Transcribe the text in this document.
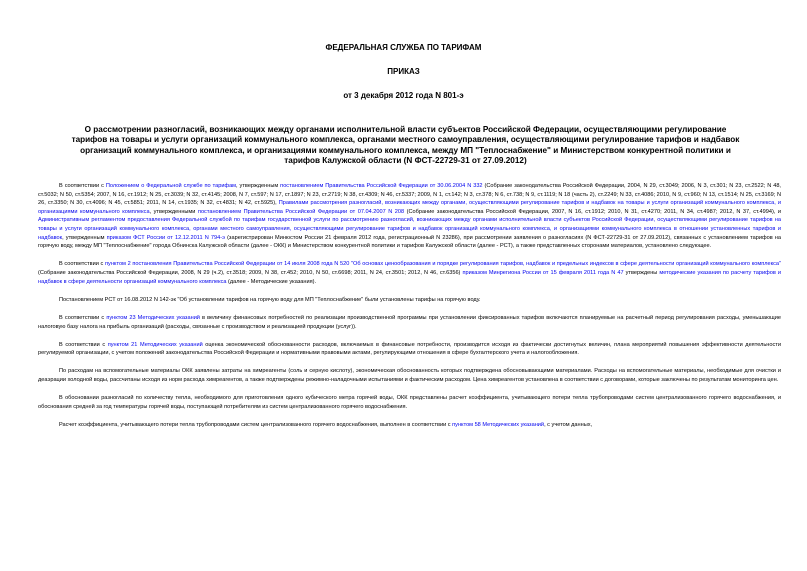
ФЕДЕРАЛЬНАЯ СЛУЖБА ПО ТАРИФАМ
ПРИКАЗ
от 3 декабря 2012 года N 801-э
О рассмотрении разногласий, возникающих между органами исполнительной власти субъектов Российской Федерации, осуществляющими регулирование тарифов на товары и услуги организаций коммунального комплекса, органами местного самоуправления, осуществляющими регулирование тарифов и надбавок организаций коммунального комплекса, и организациями коммунального комплекса, между МП "Теплоснабжение" и Министерством конкурентной политики и тарифов Калужской области (N ФСТ-22729-31 от 27.09.2012)

В соответствии с Положением о Федеральной службе по тарифам, утвержденным постановлением Правительства Российской Федерации от 30.06.2004 N 332 (Собрание законодательства Российской Федерации, 2004, N 29, ст.3049; 2006, N 3, ст.301; N 23, ст.2522; N 48, ст.5032; N 50, ст.5354; 2007, N 16, ст.1912; N 25, ст.3039; N 32, ст.4145; 2008, N 7, ст.597; N 17, ст.1897; N 23, ст.2719; N 38, ст.4309; N 46, ст.5337; 2009, N 1, ст.142; N 3, ст.378; N 6, ст.738; N 9, ст.1119; N 18 (часть 2), ст.2249; N 33, ст.4086; 2010, N 9, ст.960; N 13, ст.1514; N 25, ст.3169; N 26, ст.3350; N 30, ст.4096; N 45, ст.5851; 2011, N 14, ст.1935; N 32, ст.4831; N 42, ст.5925), Правилами рассмотрения разногласий, возникающих между органами, осуществляющими регулирование тарифов и надбавок на товары и услуги организаций коммунального комплекса, и организациями коммунального комплекса, утвержденными постановлением Правительства Российской Федерации от 07.04.2007 N 208 (Собрание законодательства Российской Федерации, 2007, N 16, ст.1912; 2010, N 31, ст.4270; 2011, N 34, ст.4987; 2012, N 37, ст.4994), и Административным регламентом предоставления Федеральной службой по тарифам государственной услуги по рассмотрению разногласий, возникающих между органами исполнительной власти субъектов Российской Федерации, осуществляющими регулирование тарифов на товары и услуги организаций коммунального комплекса, органами местного самоуправления, осуществляющими регулирование тарифов и надбавок организаций коммунального комплекса, и организациями коммунального комплекса в отношении установленных тарифов и надбавок, утвержденным приказом ФСТ России от 12.12.2011 N 794-э (зарегистрирован Минюстом России 21 февраля 2012 года, регистрационный N 23286), при рассмотрении заявления о разногласиях (N ФСТ-22729-31 от 27.09.2012), связанных с установлением тарифов на горячую воду, между МП "Теплоснабжение" города Обнинска Калужской области (далее - ОКК) и Министерством конкурентной политики и тарифов Калужской области (далее - РСТ), а также представленных сторонами материалов, установлено следующее.

В соответствии с пунктом 2 постановления Правительства Российской Федерации от 14 июля 2008 года N 520 "Об основах ценообразования и порядке регулирования тарифов, надбавок и предельных индексов в сфере деятельности организаций коммунального комплекса" (Собрание законодательства Российской Федерации, 2008, N 29 (ч.2), ст.3518; 2009, N 38, ст.452; 2010, N 50, ст.6698; 2011, N 24, ст.3501; 2012, N 46, ст.6356) приказом Минрегиона России от 15 февраля 2011 года N 47 утверждены методические указания по расчету тарифов и надбавок в сфере деятельности организаций коммунального комплекса (далее - Методические указания).

Постановлением РСТ от 16.08.2012 N 142-эк "Об установлении тарифов на горячую воду для МП "Теплоснабжение" были установлены тарифы на горячую воду.

В соответствии с пунктом 23 Методических указаний в величину финансовых потребностей по реализации производственной программы при установлении фиксированных тарифов включаются планируемые на расчетный период регулирования расходы, уменьшающие налоговую базу налога на прибыль организаций (расходы, связанные с производством и реализацией продукции (услуг)).

В соответствии с пунктом 21 Методических указаний оценка экономической обоснованности расходов, включаемых в финансовые потребности, производится исходя из фактически достигнутых величин, плана мероприятий повышения эффективности деятельности регулируемой организации, с учетом положений законодательства Российской Федерации и нормативными правовыми актами, регулирующими отношения в сфере бухгалтерского учета и налогообложения.

По расходам на вспомогательные материалы ОКК заявлены затраты на химреагенты (соль и серную кислоту), экономическая обоснованность которых подтверждена обосновывающими материалами. Расходы на вспомогательные материалы, необходимые для очистки и деаэрации холодной воды, рассчитаны исходя из норм расхода химреагентов, а также подтверждены режимно-наладочными испытаниями и фактическим расходом. Цена химреагентов установлена в соответствии с договорами, которые заключены по результатам мониторинга цен.

В обосновании разногласий по количеству тепла, необходимого для приготовления одного кубического метра горячей воды, ОКК представлены расчет коэффициента, учитывающего потери тепла трубопроводами систем централизованного горячего водоснабжения, и обоснования средней за год температуры горячей воды, поступающей потребителям из систем централизованного горячего водоснабжения.

Расчет коэффициента, учитывающего потери тепла трубопроводами систем централизованного горячего водоснабжения, выполнен в соответствии с пунктом 58 Методических указаний, с учетом данных,
